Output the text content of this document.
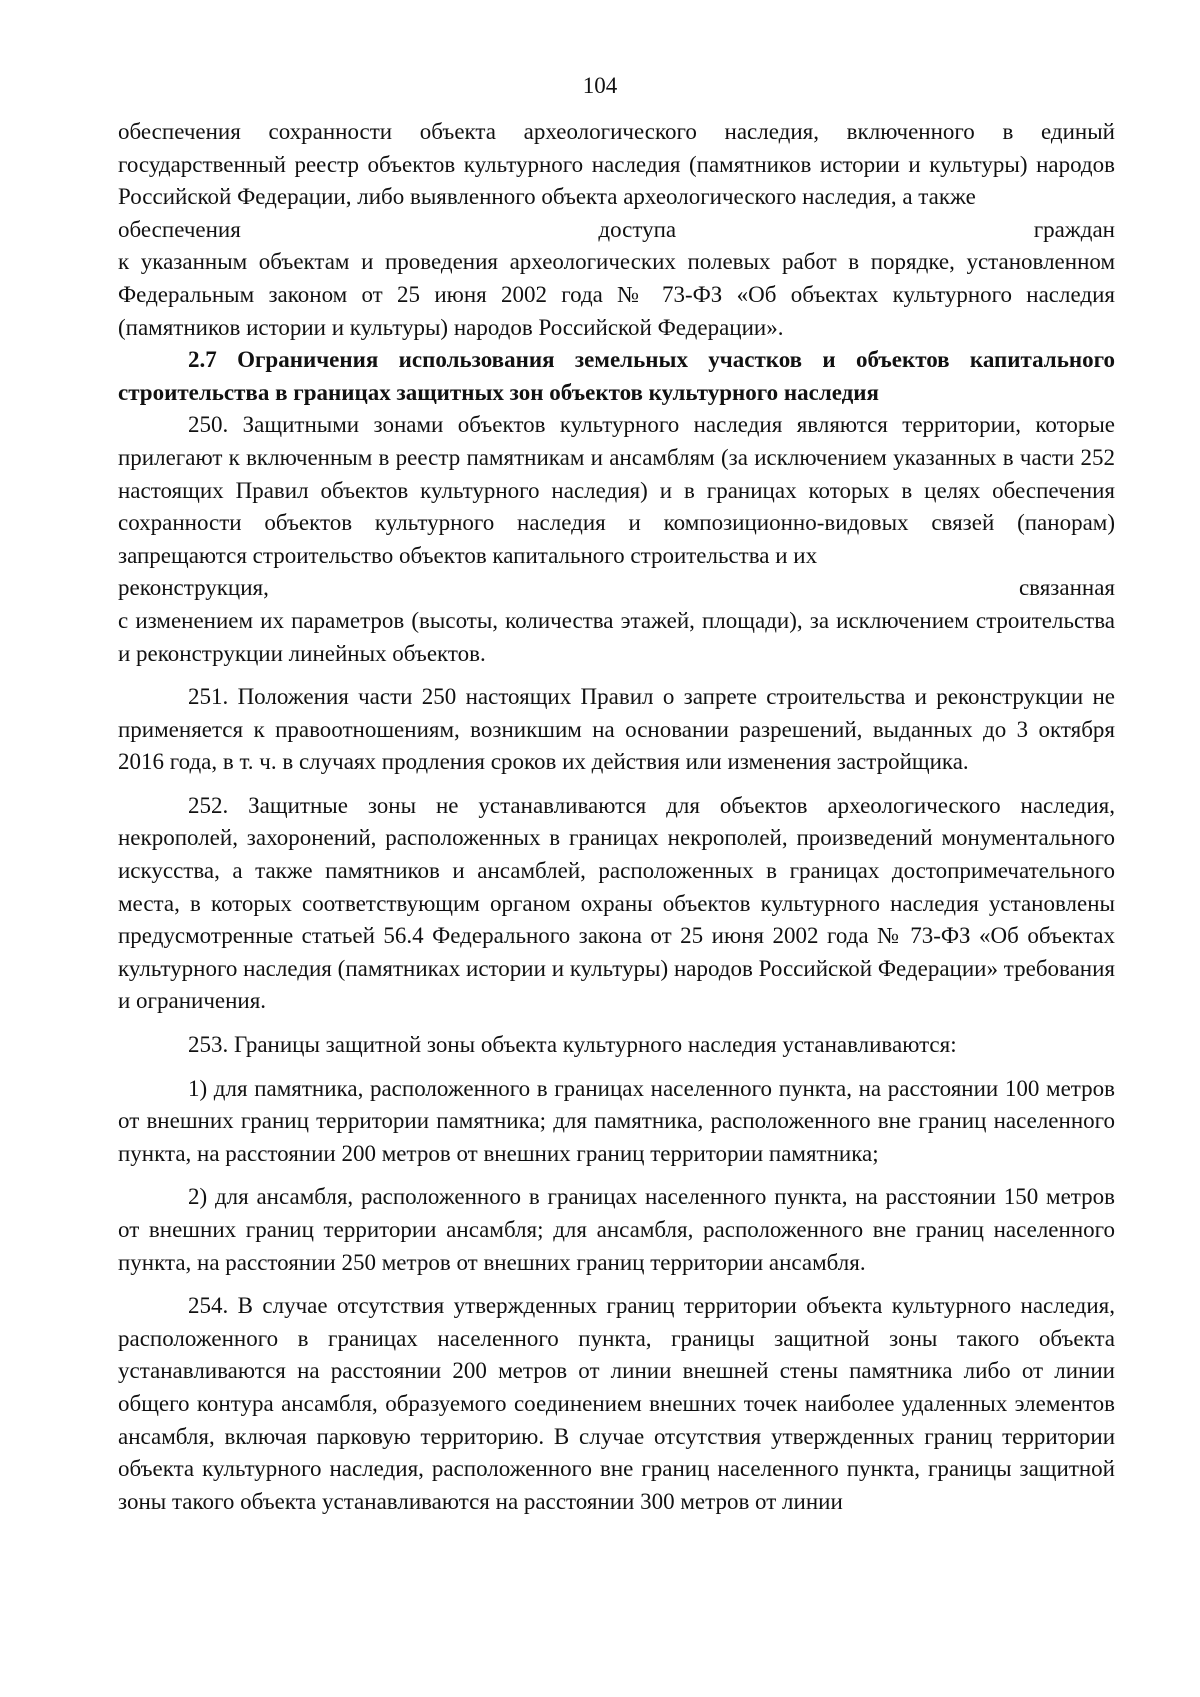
104

обеспечения сохранности объекта археологического наследия, включенного в единый государственный реестр объектов культурного наследия (памятников истории и культуры) народов Российской Федерации, либо выявленного объекта археологического наследия, а также

обеспечения	доступа	граждан

к указанным объектам и проведения археологических полевых работ в порядке, установленном Федеральным законом от 25 июня 2002 года № 73-ФЗ «Об объектах культурного наследия (памятников истории и культуры) народов Российской Федерации».

2.7 Ограничения использования земельных участков и объектов капитального строительства в границах защитных зон объектов культурного наследия

250. Защитными зонами объектов культурного наследия являются территории, которые прилегают к включенным в реестр памятникам и ансамблям (за исключением указанных в части 252 настоящих Правил объектов культурного наследия) и в границах которых в целях обеспечения сохранности объектов культурного наследия и композиционно-видовых связей (панорам) запрещаются строительство объектов капитального строительства и их

реконструкция,	связанная

с изменением их параметров (высоты, количества этажей, площади), за исключением строительства и реконструкции линейных объектов.

251. Положения части 250 настоящих Правил о запрете строительства и реконструкции не применяется к правоотношениям, возникшим на основании разрешений, выданных до 3 октября 2016 года, в т. ч. в случаях продления сроков их действия или изменения застройщика.

252. Защитные зоны не устанавливаются для объектов археологического наследия, некрополей, захоронений, расположенных в границах некрополей, произведений монументального искусства, а также памятников и ансамблей, расположенных в границах достопримечательного места, в которых соответствующим органом охраны объектов культурного наследия установлены предусмотренные статьей 56.4 Федерального закона от 25 июня 2002 года № 73-ФЗ «Об объектах культурного наследия (памятниках истории и культуры) народов Российской Федерации» требования и ограничения.

253. Границы защитной зоны объекта культурного наследия устанавливаются:

1) для памятника, расположенного в границах населенного пункта, на расстоянии 100 метров от внешних границ территории памятника; для памятника, расположенного вне границ населенного пункта, на расстоянии 200 метров от внешних границ территории памятника;

2) для ансамбля, расположенного в границах населенного пункта, на расстоянии 150 метров от внешних границ территории ансамбля; для ансамбля, расположенного вне границ населенного пункта, на расстоянии 250 метров от внешних границ территории ансамбля.

254. В случае отсутствия утвержденных границ территории объекта культурного наследия, расположенного в границах населенного пункта, границы защитной зоны такого объекта устанавливаются на расстоянии 200 метров от линии внешней стены памятника либо от линии общего контура ансамбля, образуемого соединением внешних точек наиболее удаленных элементов ансамбля, включая парковую территорию. В случае отсутствия утвержденных границ территории объекта культурного наследия, расположенного вне границ населенного пункта, границы защитной зоны такого объекта устанавливаются на расстоянии 300 метров от линии
